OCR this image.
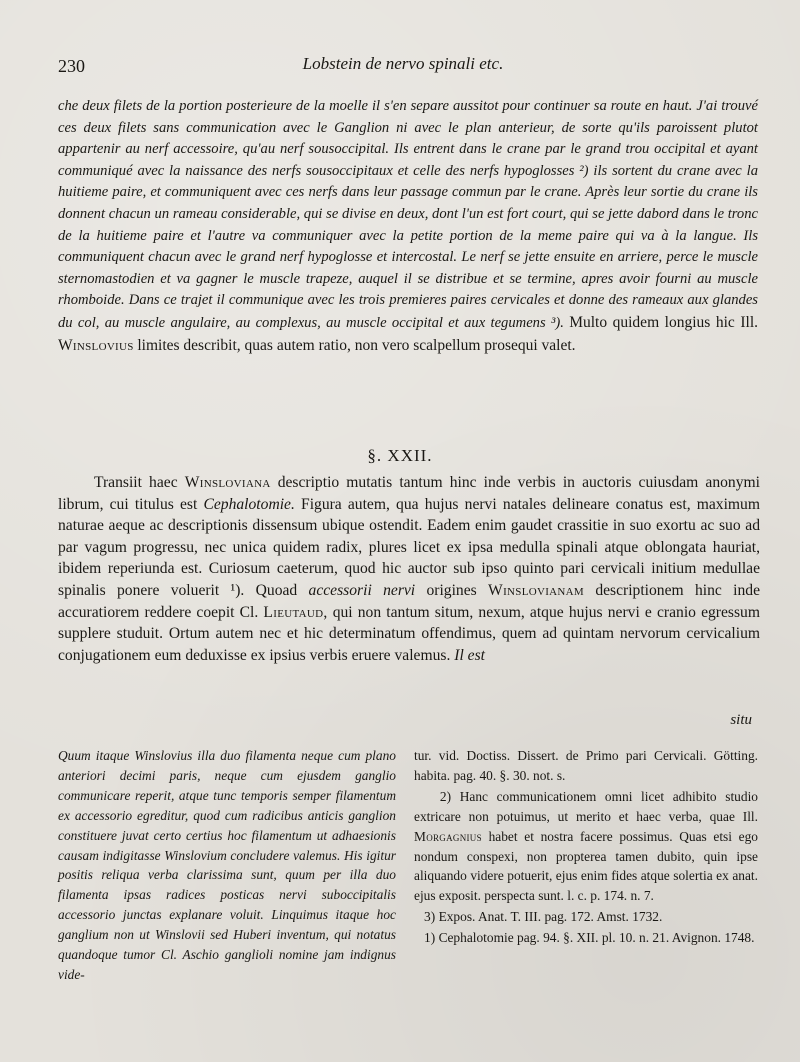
230	Lobstein de nervo spinali etc.
che deux filets de la portion posterieure de la moelle il s'en separe aussitot pour continuer sa route en haut. J'ai trouvé ces deux filets sans communication avec le Ganglion ni avec le plan anterieur, de sorte qu'ils paroissent plutot appartenir au nerf accessoire, qu'au nerf sousoccipital. Ils entrent dans le crane par le grand trou occipital et ayant communiqué avec la naissance des nerfs sousoccipitaux et celle des nerfs hypoglosses ²) ils sortent du crane avec la huitieme paire, et communiquent avec ces nerfs dans leur passage commun par le crane. Après leur sortie du crane ils donnent chacun un rameau considerable, qui se divise en deux, dont l'un est fort court, qui se jette dabord dans le tronc de la huitieme paire et l'autre va communiquer avec la petite portion de la meme paire qui va à la langue. Ils communiquent chacun avec le grand nerf hypoglosse et intercostal. Le nerf se jette ensuite en arriere, perce le muscle sternomastodien et va gagner le muscle trapeze, auquel il se distribue et se termine, apres avoir fourni au muscle rhomboide. Dans ce trajet il communique avec les trois premieres paires cervicales et donne des rameaux aux glandes du col, au muscle angulaire, au complexus, au muscle occipital et aux tegumens ³). Multo quidem longius hic Ill. Winslovius limites describit, quas autem ratio, non vero scalpellum prosequi valet.
§. XXII.
Transiit haec Winsloviana descriptio mutatis tantum hinc inde verbis in auctoris cuiusdam anonymi librum, cui titulus est Cephalotomie. Figura autem, qua hujus nervi natales delineare conatus est, maximum naturae aeque ac descriptionis dissensum ubique ostendit. Eadem enim gaudet crassitie in suo exortu ac suo ad par vagum progressu, nec unica quidem radix, plures licet ex ipsa medulla spinali atque oblongata hauriat, ibidem reperiunda est. Curiosum caeterum, quod hic auctor sub ipso quinto pari cervicali initium medullae spinalis ponere voluerit ¹). Quoad accessorii nervi origines Winslovianam descriptionem hinc inde accuratiorem reddere coepit Cl. Lieutaud, qui non tantum situm, nexum, atque hujus nervi e cranio egressum supplere studuit. Ortum autem nec et hic determinatum offendimus, quem ad quintam nervorum cervicalium conjugationem eum deduxisse ex ipsius verbis eruere valemus. Il est
situ
Quum itaque Winslovius illa duo filamenta neque cum plano anteriori decimi paris, neque cum ejusdem ganglio communicare reperit, atque tunc temporis semper filamentum ex accessorio egreditur, quod cum radicibus anticis ganglion constituere juvat certo certius hoc filamentum ut adhaesionis causam indigitasse Winslovium concludere valemus. His igitur positis reliqua verba clarissima sunt, quum per illa duo filamenta ipsas radices posticas nervi suboccipitalis accessorio junctas explanare voluit. Linquimus itaque hoc ganglium non ut Winslovii sed Huberi inventum, qui notatus quandoque tumor Cl. Aschio ganglioli nomine jam indignus vide-

tur. vid. Doctiss. Dissert. de Primo pari Cervicali. Götting. habita. pag. 40. §. 30. not. s.

2) Hanc communicationem omni licet adhibito studio extricare non potuimus, ut merito et haec verba, quae Ill. Morgagnius habet et nostra facere possimus. Quas etsi ego nondum conspexi, non propterea tamen dubito, quin ipse aliquando videre potuerit, ejus enim fides atque solertia ex anat. ejus exposit. perspecta sunt. l. c. p. 174. n. 7.

3) Expos. Anat. T. III. pag. 172. Amst. 1732.

1) Cephalotomie pag. 94. §. XII. pl. 10. n. 21. Avignon. 1748.
